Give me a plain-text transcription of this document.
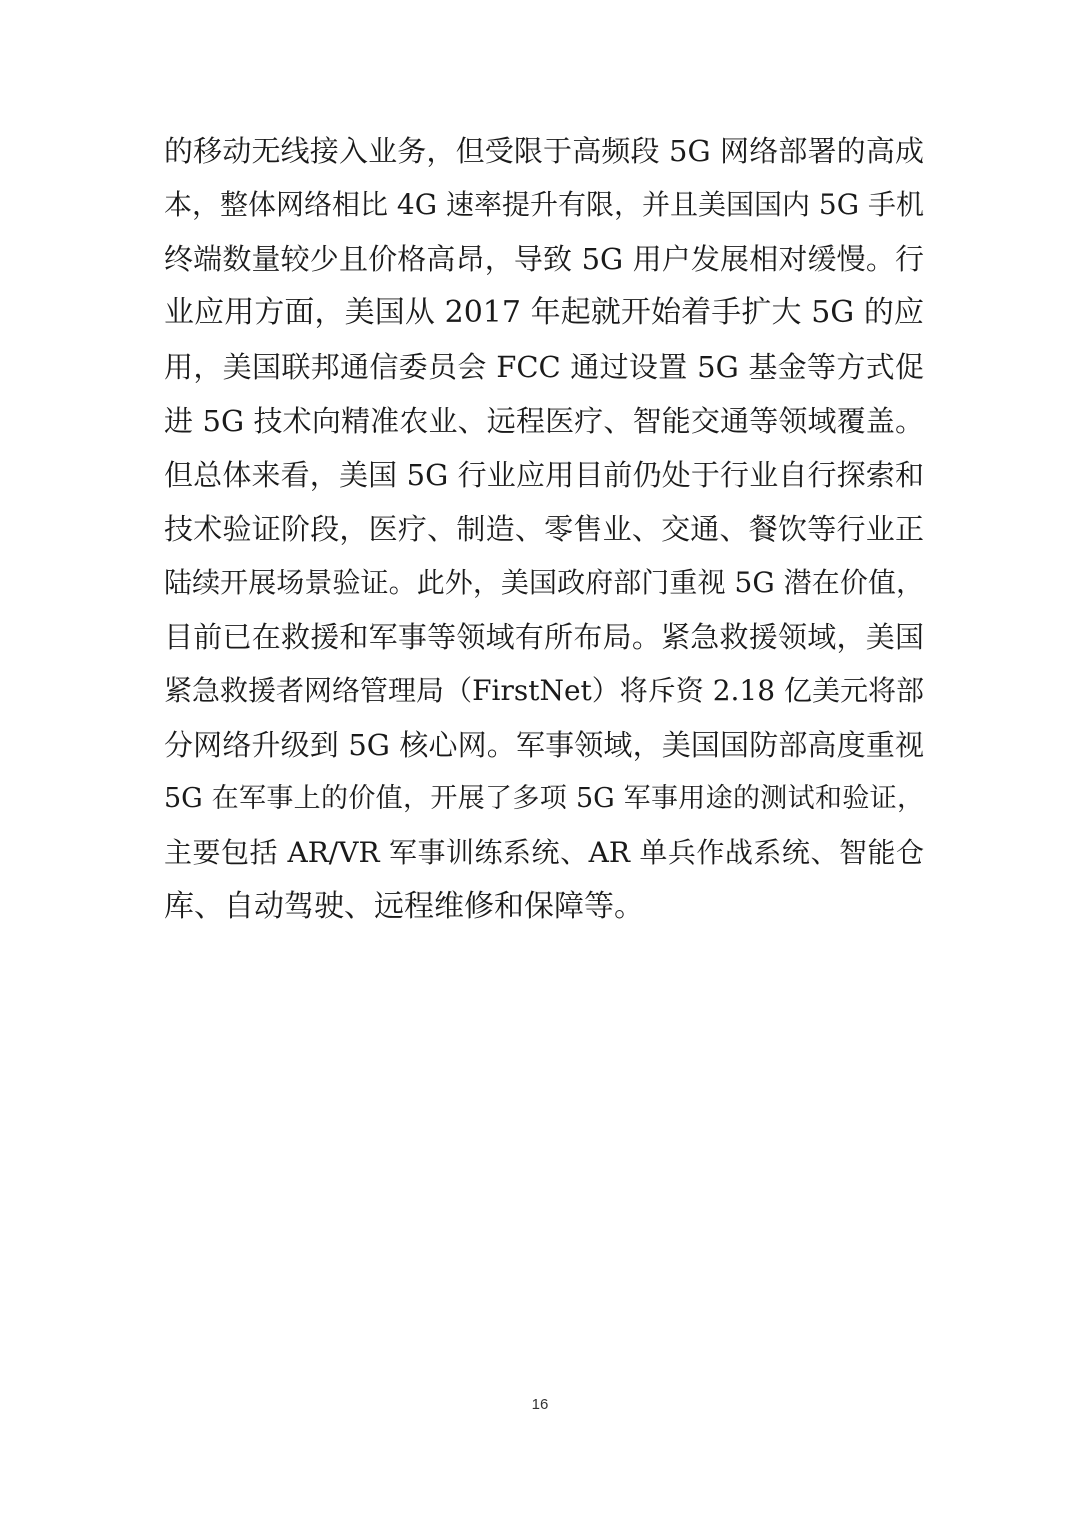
的移动无线接入业务，但受限于高频段 5G 网络部署的高成
本，整体网络相比 4G 速率提升有限，并且美国国内 5G 手机
终端数量较少且价格高昂，导致 5G 用户发展相对缓慢。行
业应用方面，美国从 2017 年起就开始着手扩大 5G 的应
用，美国联邦通信委员会 FCC 通过设置 5G 基金等方式促
进 5G 技术向精准农业、远程医疗、智能交通等领域覆盖。
但总体来看，美国 5G 行业应用目前仍处于行业自行探索和
技术验证阶段，医疗、制造、零售业、交通、餐饮等行业正
陆续开展场景验证。此外，美国政府部门重视 5G 潜在价值，
目前已在救援和军事等领域有所布局。紧急救援领域，美国
紧急救援者网络管理局（FirstNet）将斥资 2.18 亿美元将部
分网络升级到 5G 核心网。军事领域，美国国防部高度重视
5G 在军事上的价值，开展了多项 5G 军事用途的测试和验证，
主要包括 AR/VR 军事训练系统、AR 单兵作战系统、智能仓
库、自动驾驶、远程维修和保障等。
16
